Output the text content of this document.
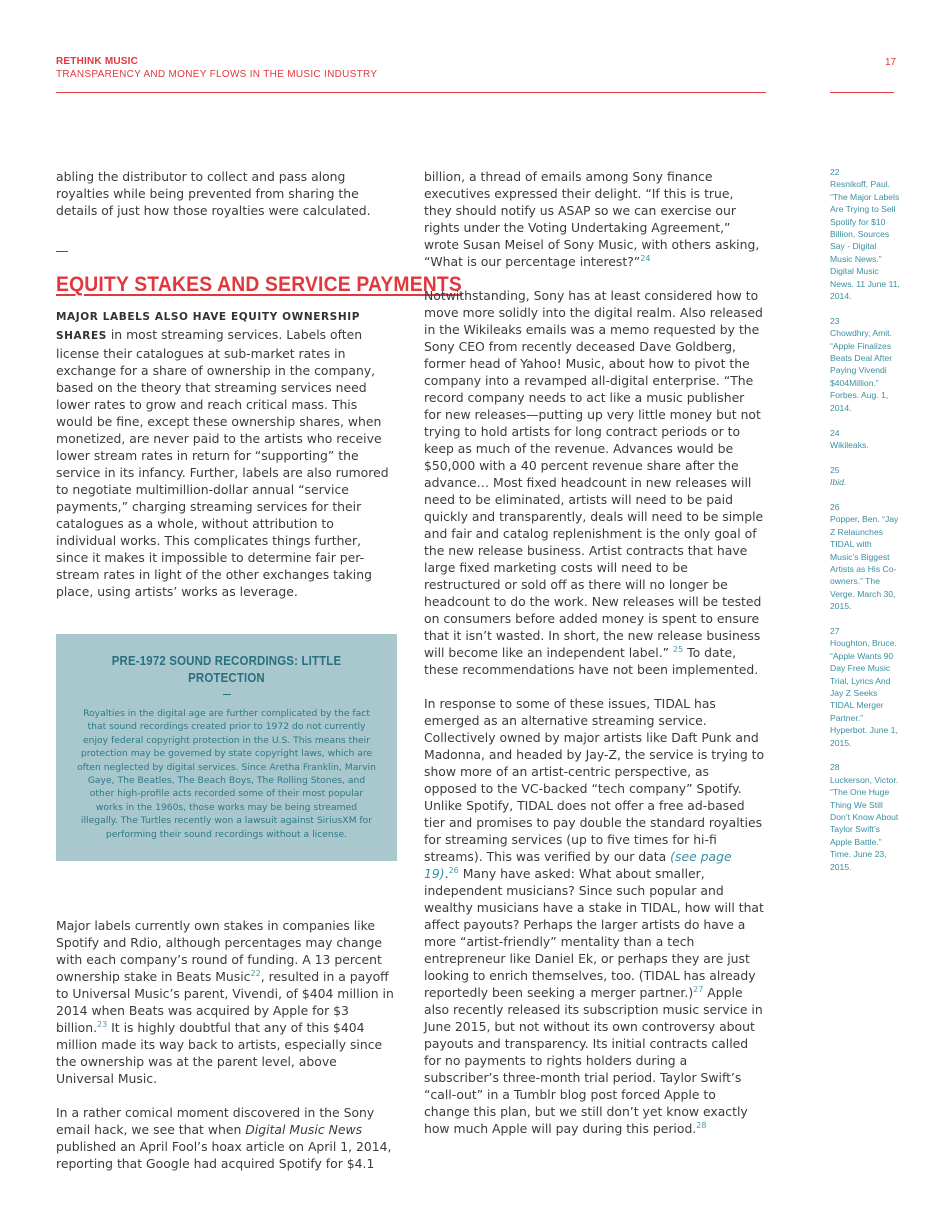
RETHINK MUSIC
TRANSPARENCY AND MONEY FLOWS IN THE MUSIC INDUSTRY
17

abling the distributor to collect and pass along royalties while being prevented from sharing the details of just how those royalties were calculated.

EQUITY STAKES AND SERVICE PAYMENTS

MAJOR LABELS ALSO HAVE EQUITY OWNERSHIP SHARES in most streaming services. Labels often license their catalogues at sub-market rates in exchange for a share of ownership in the company, based on the theory that streaming services need lower rates to grow and reach critical mass. This would be fine, except these ownership shares, when monetized, are never paid to the artists who receive lower stream rates in return for “supporting” the service in its infancy. Further, labels are also rumored to negotiate multimillion-dollar annual “service payments,” charging streaming services for their catalogues as a whole, without attribution to individual works. This complicates things further, since it makes it impossible to determine fair per-stream rates in light of the other exchanges taking place, using artists’ works as leverage.

PRE-1972 SOUND RECORDINGS: LITTLE PROTECTION
Royalties in the digital age are further complicated by the fact that sound recordings created prior to 1972 do not currently enjoy federal copyright protection in the U.S. This means their protection may be governed by state copyright laws, which are often neglected by digital services. Since Aretha Franklin, Marvin Gaye, The Beatles, The Beach Boys, The Rolling Stones, and other high-profile acts recorded some of their most popular works in the 1960s, those works may be being streamed illegally. The Turtles recently won a lawsuit against SiriusXM for performing their sound recordings without a license.

Major labels currently own stakes in companies like Spotify and Rdio, although percentages may change with each company’s round of funding. A 13 percent ownership stake in Beats Music$^{22}$, resulted in a payoff to Universal Music’s parent, Vivendi, of $404 million in 2014 when Beats was acquired by Apple for $3 billion.$^{23}$ It is highly doubtful that any of this $404 million made its way back to artists, especially since the ownership was at the parent level, above Universal Music.

In a rather comical moment discovered in the Sony email hack, we see that when Digital Music News published an April Fool’s hoax article on April 1, 2014, reporting that Google had acquired Spotify for $4.1

billion, a thread of emails among Sony finance executives expressed their delight. “If this is true, they should notify us ASAP so we can exercise our rights under the Voting Undertaking Agreement,” wrote Susan Meisel of Sony Music, with others asking, “What is our percentage interest?”$^{24}$

Notwithstanding, Sony has at least considered how to move more solidly into the digital realm. Also released in the Wikileaks emails was a memo requested by the Sony CEO from recently deceased Dave Goldberg, former head of Yahoo! Music, about how to pivot the company into a revamped all-digital enterprise. “The record company needs to act like a music publisher for new releases—putting up very little money but not trying to hold artists for long contract periods or to keep as much of the revenue. Advances would be $50,000 with a 40 percent revenue share after the advance… Most fixed headcount in new releases will need to be eliminated, artists will need to be paid quickly and transparently, deals will need to be simple and fair and catalog replenishment is the only goal of the new release business. Artist contracts that have large fixed marketing costs will need to be restructured or sold off as there will no longer be headcount to do the work. New releases will be tested on consumers before added money is spent to ensure that it isn’t wasted. In short, the new release business will become like an independent label.” $^{25}$ To date, these recommendations have not been implemented.

In response to some of these issues, TIDAL has emerged as an alternative streaming service. Collectively owned by major artists like Daft Punk and Madonna, and headed by Jay-Z, the service is trying to show more of an artist-centric perspective, as opposed to the VC-backed “tech company” Spotify. Unlike Spotify, TIDAL does not offer a free ad-based tier and promises to pay double the standard royalties for streaming services (up to five times for hi-fi streams). This was verified by our data (see page 19).$^{26}$ Many have asked: What about smaller, independent musicians? Since such popular and wealthy musicians have a stake in TIDAL, how will that affect payouts? Perhaps the larger artists do have a more “artist-friendly” mentality than a tech entrepreneur like Daniel Ek, or perhaps they are just looking to enrich themselves, too. (TIDAL has already reportedly been seeking a merger partner.)$^{27}$ Apple also recently released its subscription music service in June 2015, but not without its own controversy about payouts and transparency. Its initial contracts called for no payments to rights holders during a subscriber’s three-month trial period. Taylor Swift’s “call-out” in a Tumblr blog post forced Apple to change this plan, but we still don’t yet know exactly how much Apple will pay during this period.$^{28}$

22
Resnikoff, Paul. “The Major Labels Are Trying to Sell Spotify for $10 Billion, Sources Say - Digital Music News.” Digital Music News. 11 June 11, 2014.
23
Chowdhry, Amit. “Apple Finalizes Beats Deal After Paying Vivendi $404Million.” Forbes. Aug. 1, 2014.
24
Wikileaks.
25
Ibid.
26
Popper, Ben. “Jay Z Relaunches TIDAL with Music’s Biggest Artists as His Co-owners.” The Verge. March 30, 2015.
27
Houghton, Bruce. “Apple Wants 90 Day Free Music Trial, Lyrics And Jay Z Seeks TIDAL Merger Partner.” Hyperbot. June 1, 2015.
28
Luckerson, Victor. “The One Huge Thing We Still Don’t Know About Taylor Swift’s Apple Battle.” Time. June 23, 2015.
